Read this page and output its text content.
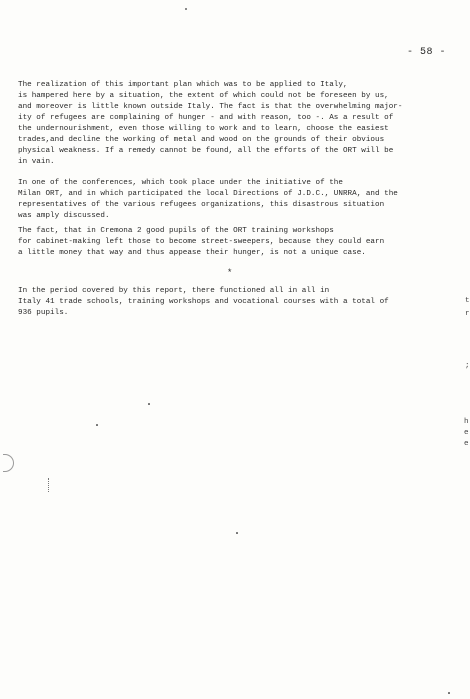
- 58 -
The realization of this important plan which was to be applied to Italy,
is hampered here by a situation, the extent of which could not be foreseen by us,
and moreover is little known outside Italy. The fact is that the overwhelming major-
ity of refugees are complaining of hunger - and with reason, too -. As a result of
the undernourishment, even those willing to work and to learn, choose the easiest
trades,and decline the working of metal and wood on the grounds of their obvious
physical weakness. If a remedy cannot be found, all the efforts of the ORT will be
in vain.
In one of the conferences, which took place under the initiative of the
Milan ORT, and in which participated the local Directions of J.D.C., UNRRA, and the
representatives of the various refugees organizations, this disastrous situation
was amply discussed.
The fact, that in Cremona 2 good pupils of the ORT training workshops
for cabinet-making left those to become street-sweepers, because they could earn
a little money that way and thus appease their hunger, is not a unique case.
*
In the period covered by this report, there functioned all in all in
Italy 41 trade schools, training workshops and vocational courses with a total of
936 pupils.
t
r
;
h
e
e
